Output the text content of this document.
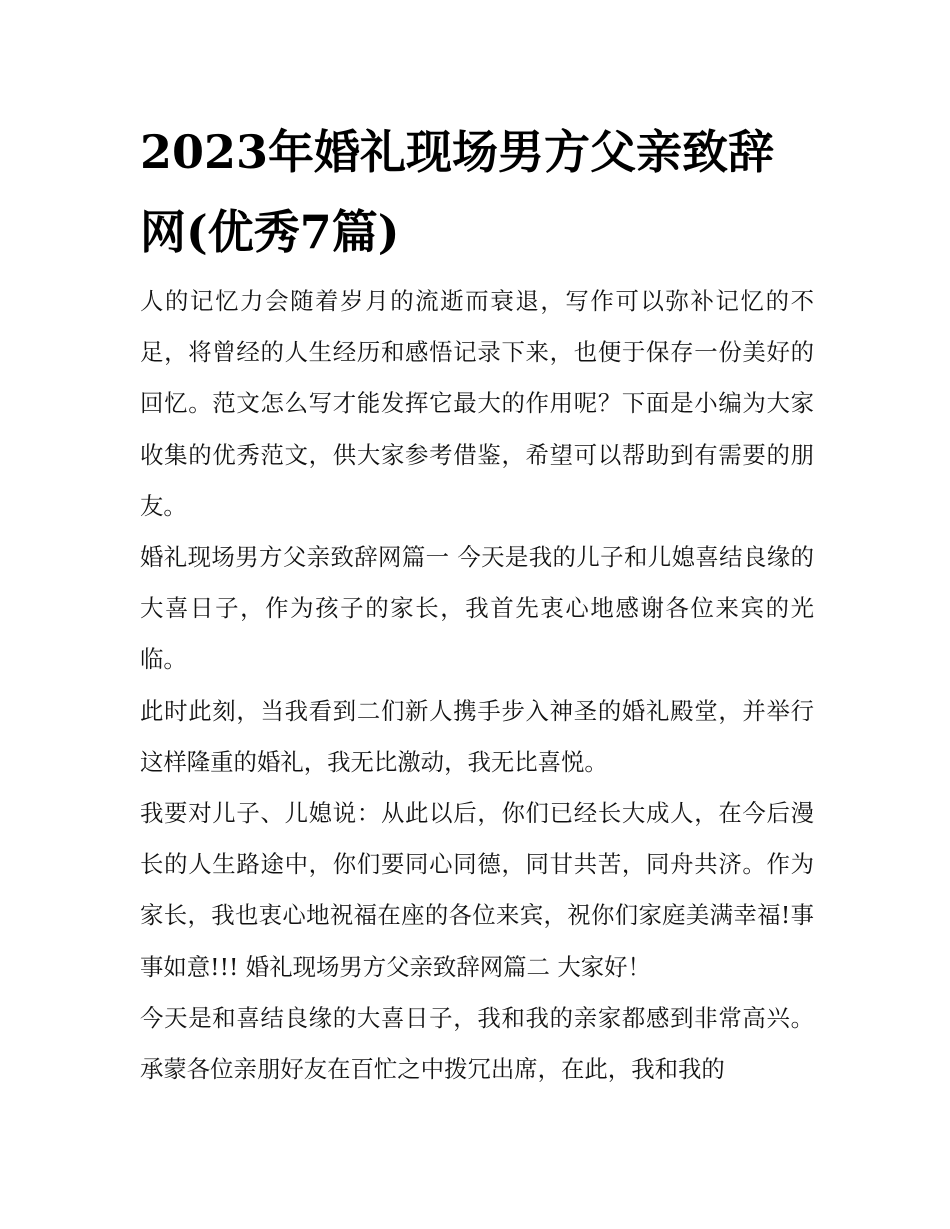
2023年婚礼现场男方父亲致辞网(优秀7篇)

人的记忆力会随着岁月的流逝而衰退，写作可以弥补记忆的不足，将曾经的人生经历和感悟记录下来，也便于保存一份美好的回忆。范文怎么写才能发挥它最大的作用呢？下面是小编为大家收集的优秀范文，供大家参考借鉴，希望可以帮助到有需要的朋友。

婚礼现场男方父亲致辞网篇一 今天是我的儿子和儿媳喜结良缘的大喜日子，作为孩子的家长，我首先衷心地感谢各位来宾的光临。

此时此刻，当我看到二们新人携手步入神圣的婚礼殿堂，并举行这样隆重的婚礼，我无比激动，我无比喜悦。

我要对儿子、儿媳说：从此以后，你们已经长大成人，在今后漫长的人生路途中，你们要同心同德，同甘共苦，同舟共济。作为家长，我也衷心地祝福在座的各位来宾，祝你们家庭美满幸福!事事如意!!! 婚礼现场男方父亲致辞网篇二 大家好！

今天是和喜结良缘的大喜日子，我和我的亲家都感到非常高兴。承蒙各位亲朋好友在百忙之中拨冗出席，在此，我和我的
